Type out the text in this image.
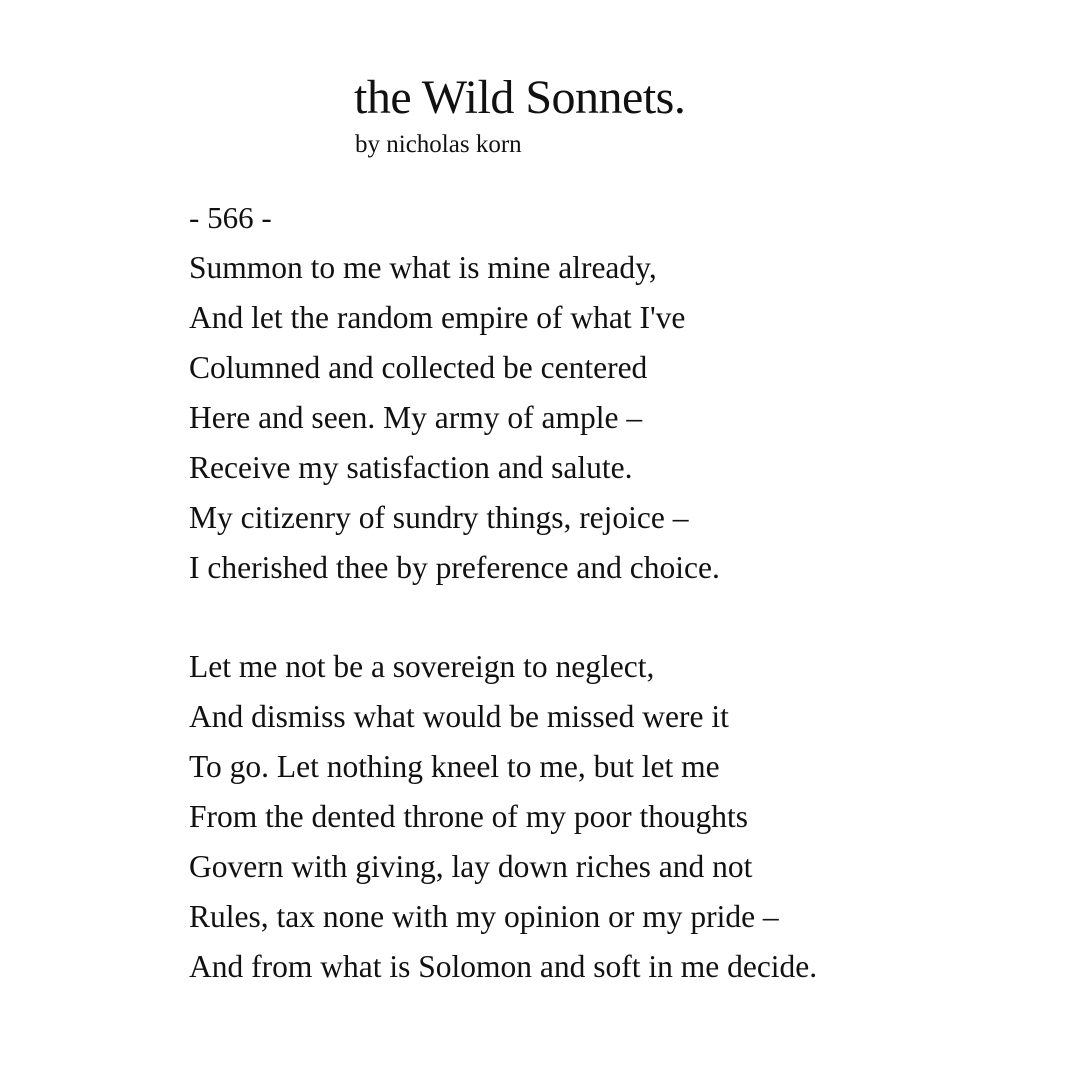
the Wild Sonnets.
by nicholas korn
- 566 -
Summon to me what is mine already,
And let the random empire of what I've
Columned and collected be centered
Here and seen. My army of ample –
Receive my satisfaction and salute.
My citizenry of sundry things, rejoice –
I cherished thee by preference and choice.
Let me not be a sovereign to neglect,
And dismiss what would be missed were it
To go. Let nothing kneel to me, but let me
From the dented throne of my poor thoughts
Govern with giving, lay down riches and not
Rules, tax none with my opinion or my pride –
And from what is Solomon and soft in me decide.
